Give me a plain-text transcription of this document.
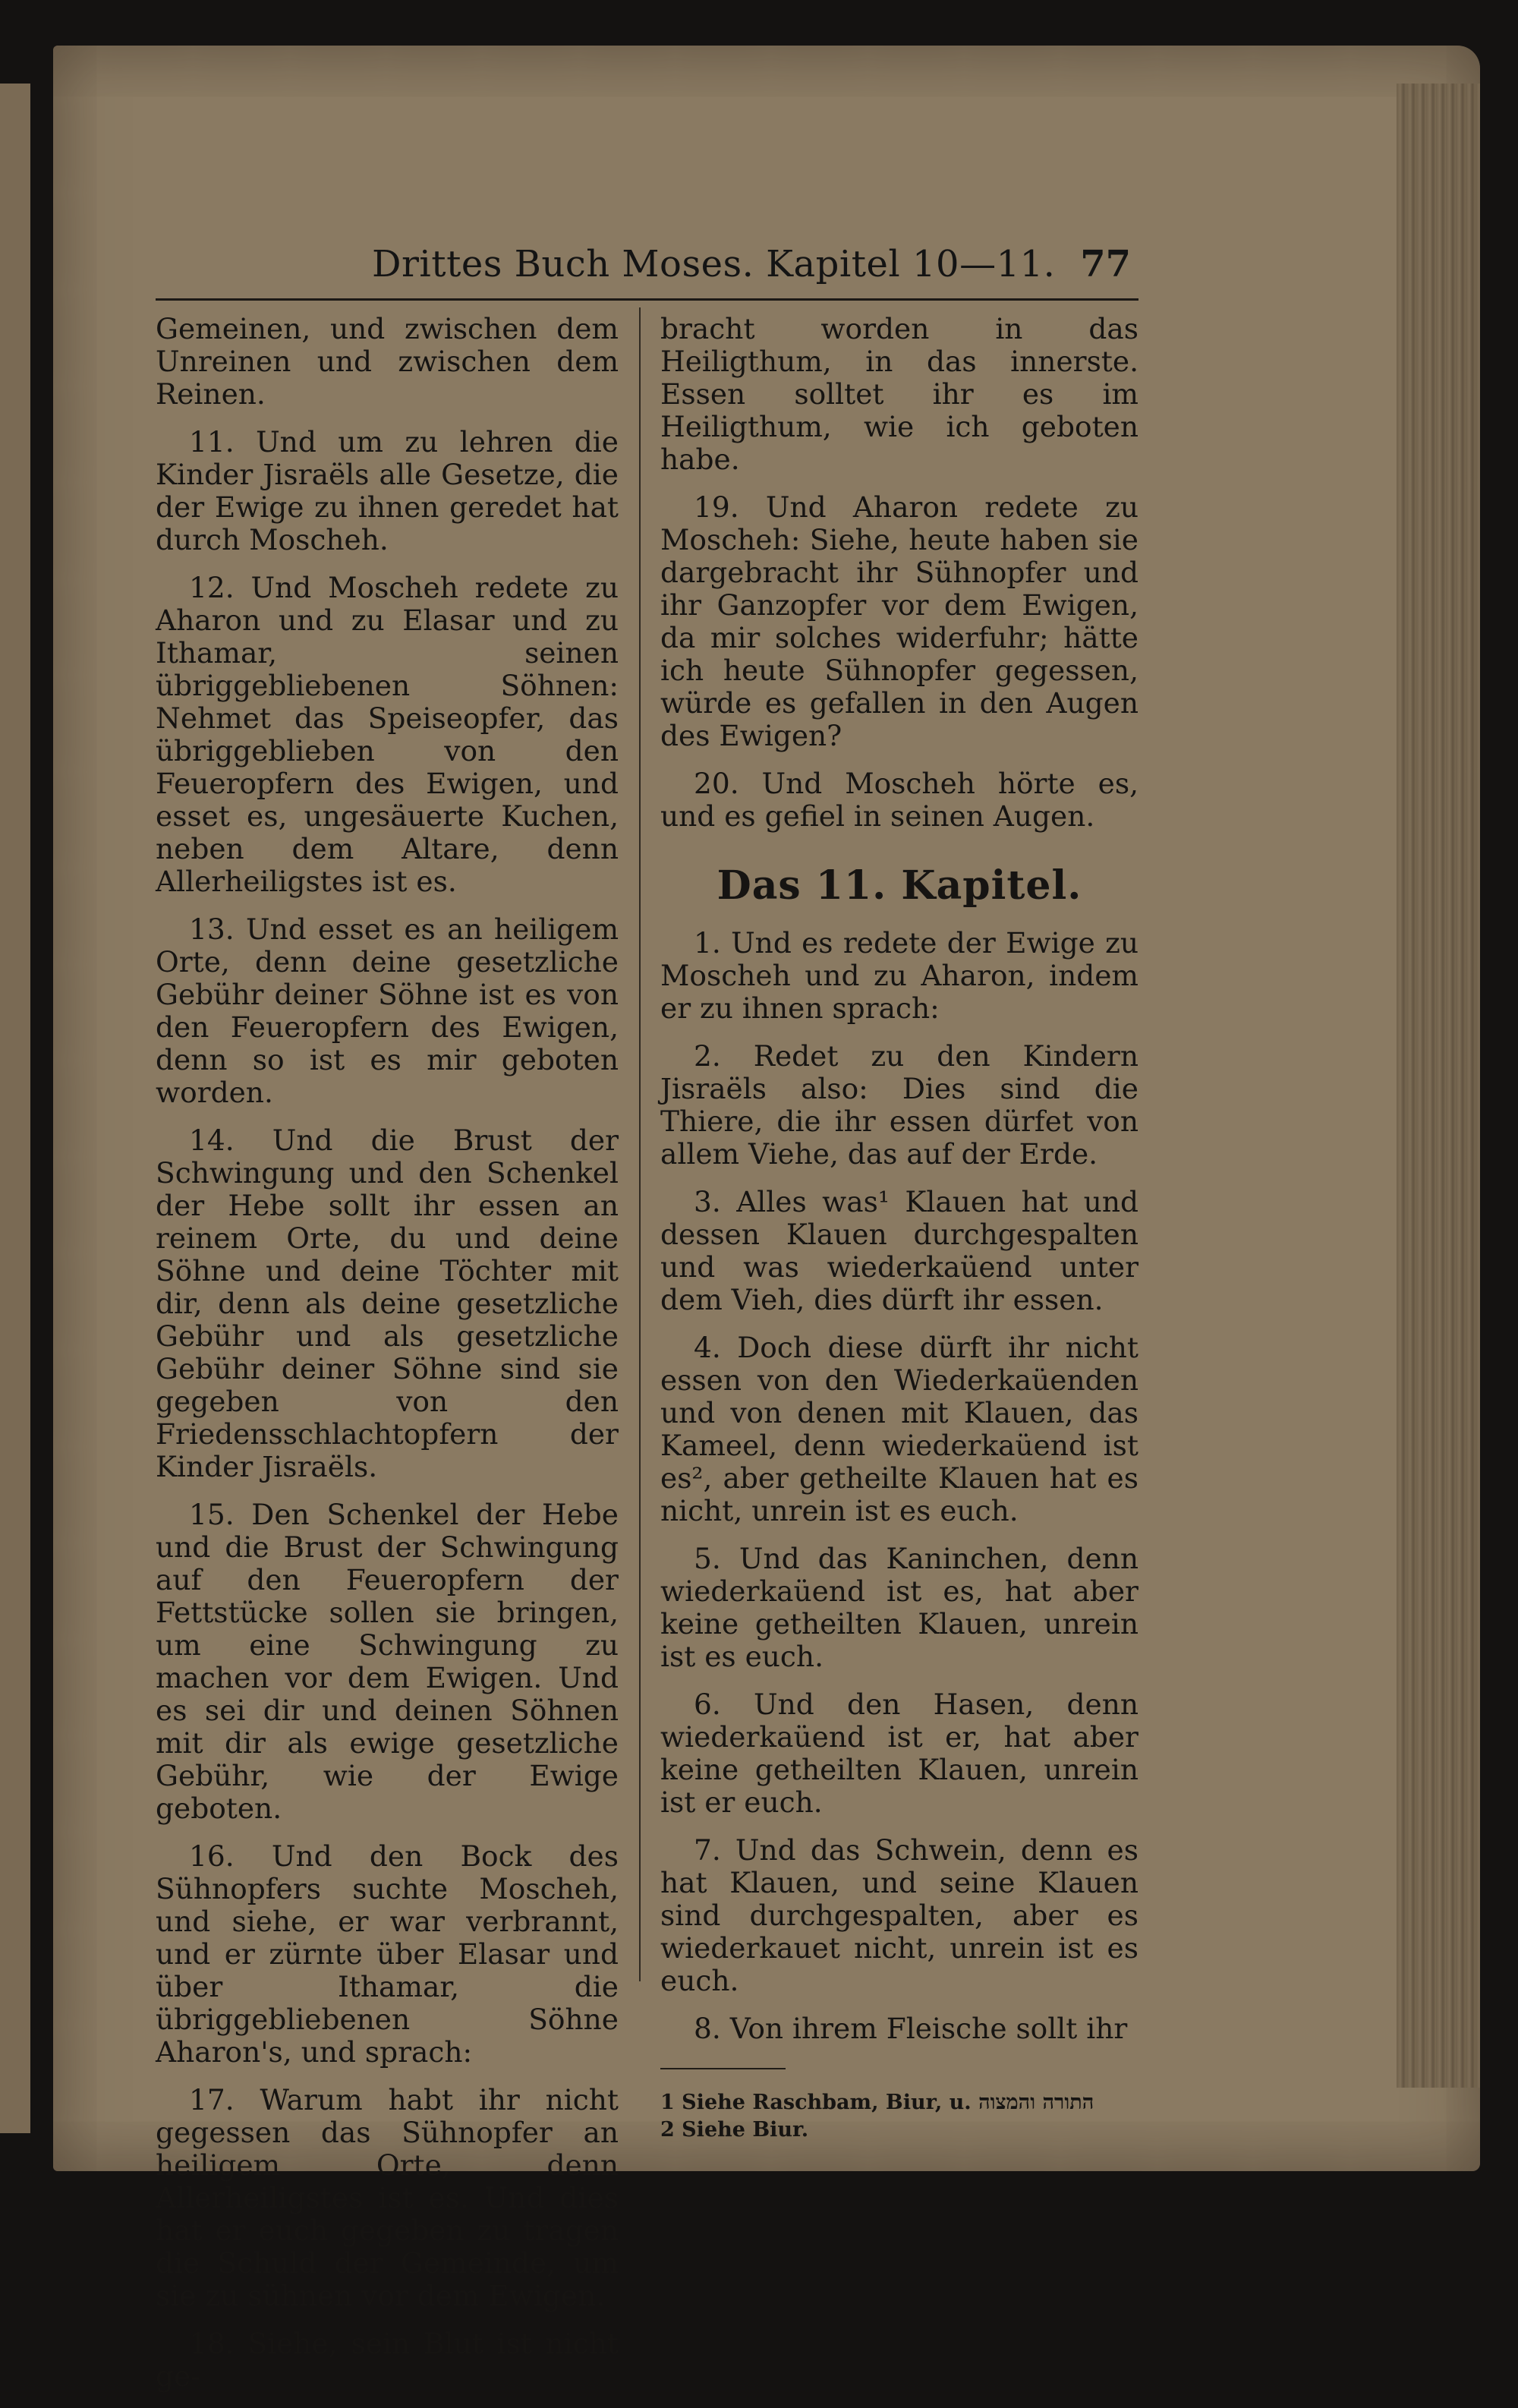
Drittes Buch Moses. Kapitel 10—11. 77

Gemeinen, und zwischen dem Unreinen und zwischen dem Reinen.

11. Und um zu lehren die Kinder Jisraëls alle Gesetze, die der Ewige zu ihnen geredet hat durch Moscheh.

12. Und Moscheh redete zu Aharon und zu Elasar und zu Ithamar, seinen übriggebliebenen Söhnen: Nehmet das Speiseopfer, das übriggeblieben von den Feueropfern des Ewigen, und esset es, ungesäuerte Kuchen, neben dem Altare, denn Allerheiligstes ist es.

13. Und esset es an heiligem Orte, denn deine gesetzliche Gebühr deiner Söhne ist es von den Feueropfern des Ewigen, denn so ist es mir geboten worden.

14. Und die Brust der Schwingung und den Schenkel der Hebe sollt ihr essen an reinem Orte, du und deine Söhne und deine Töchter mit dir, denn als deine gesetzliche Gebühr und als gesetzliche Gebühr deiner Söhne sind sie gegeben von den Friedensschlachtopfern der Kinder Jisraëls.

15. Den Schenkel der Hebe und die Brust der Schwingung auf den Feueropfern der Fettstücke sollen sie bringen, um eine Schwingung zu machen vor dem Ewigen. Und es sei dir und deinen Söhnen mit dir als ewige gesetzliche Gebühr, wie der Ewige geboten.

16. Und den Bock des Sühnopfers suchte Moscheh, und siehe, er war verbrannt, und er zürnte über Elasar und über Ithamar, die übriggebliebenen Söhne Aharon's, und sprach:

17. Warum habt ihr nicht gegessen das Sühnopfer an heiligem Orte, denn Allerheiligstes ist es. Und dies hat er euch gegeben zu tragen die Schuld der Gemeinde, um sie zu sühnen vor dem Ewigen.

18. Siehe, sein Blut ist nicht ge-

bracht worden in das Heiligthum, in das innerste. Essen solltet ihr es im Heiligthum, wie ich geboten habe.

19. Und Aharon redete zu Moscheh: Siehe, heute haben sie dargebracht ihr Sühnopfer und ihr Ganzopfer vor dem Ewigen, da mir solches widerfuhr; hätte ich heute Sühnopfer gegessen, würde es gefallen in den Augen des Ewigen?

20. Und Moscheh hörte es, und es gefiel in seinen Augen.

Das 11. Kapitel.

1. Und es redete der Ewige zu Moscheh und zu Aharon, indem er zu ihnen sprach:

2. Redet zu den Kindern Jisraëls also: Dies sind die Thiere, die ihr essen dürfet von allem Viehe, das auf der Erde.

3. Alles was¹ Klauen hat und dessen Klauen durchgespalten und was wiederkaüend unter dem Vieh, dies dürft ihr essen.

4. Doch diese dürft ihr nicht essen von den Wiederkaüenden und von denen mit Klauen, das Kameel, denn wiederkaüend ist es², aber getheilte Klauen hat es nicht, unrein ist es euch.

5. Und das Kaninchen, denn wiederkaüend ist es, hat aber keine getheilten Klauen, unrein ist es euch.

6. Und den Hasen, denn wiederkaüend ist er, hat aber keine getheilten Klauen, unrein ist er euch.

7. Und das Schwein, denn es hat Klauen, und seine Klauen sind durchgespalten, aber es wiederkauet nicht, unrein ist es euch.

8. Von ihrem Fleische sollt ihr

1 Siehe Raschbam, Biur, u. התורה והמצוה
2 Siehe Biur.
